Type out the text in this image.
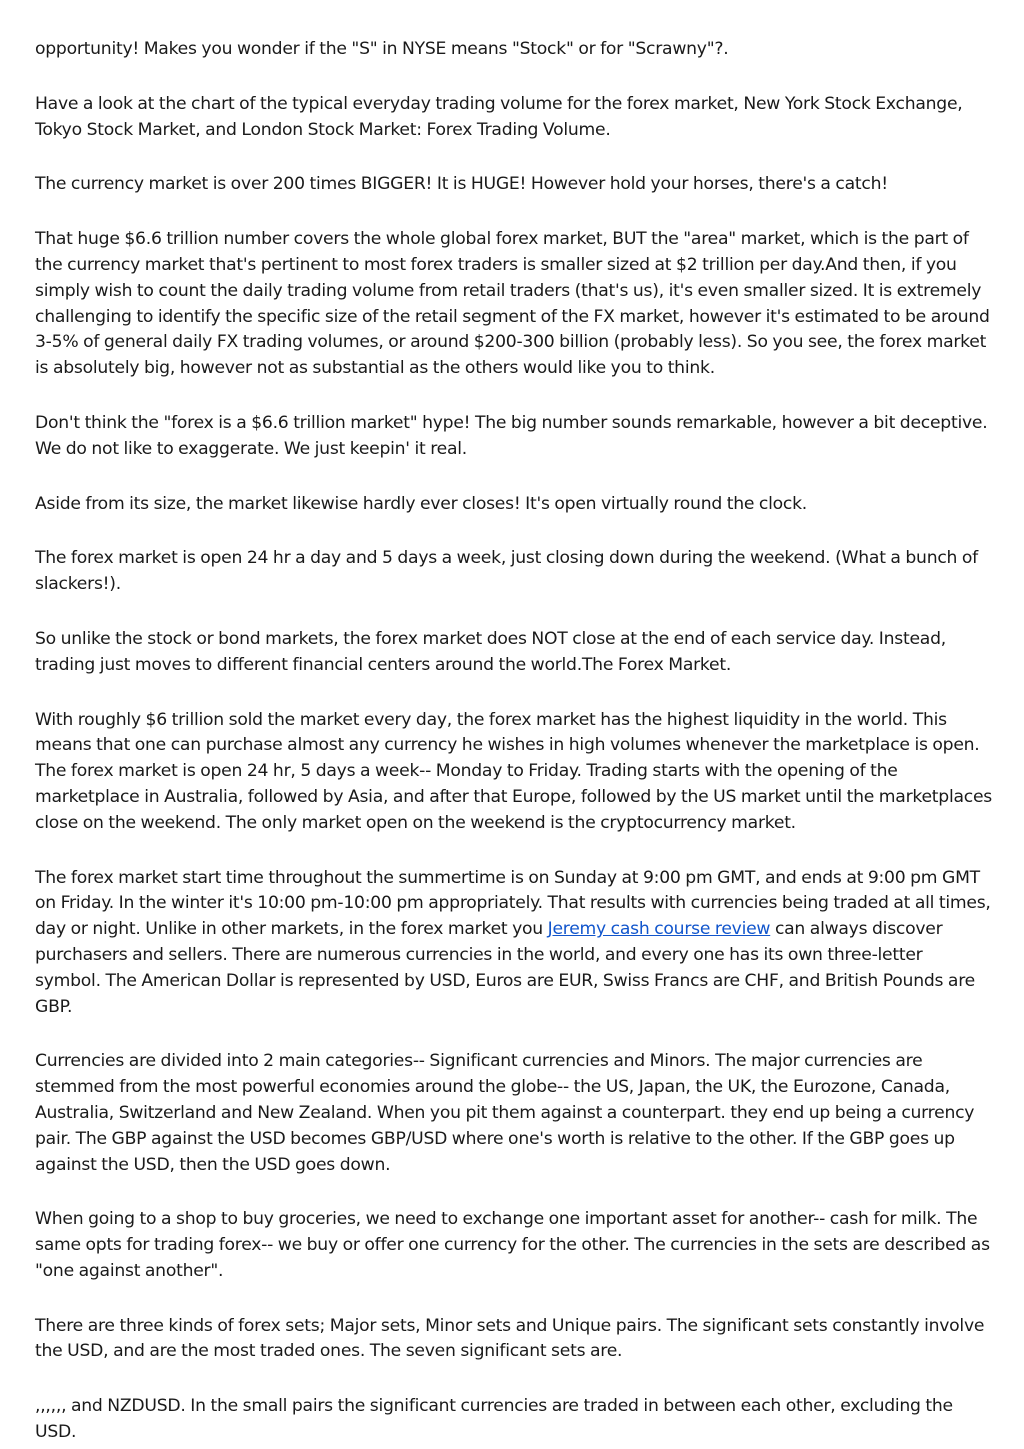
opportunity! Makes you wonder if the "S" in NYSE means "Stock" or for "Scrawny"?.

Have a look at the chart of the typical everyday trading volume for the forex market, New York Stock Exchange, Tokyo Stock Market, and London Stock Market: Forex Trading Volume.

The currency market is over 200 times BIGGER! It is HUGE! However hold your horses, there's a catch!

That huge $6.6 trillion number covers the whole global forex market, BUT the "area" market, which is the part of the currency market that's pertinent to most forex traders is smaller sized at $2 trillion per day.And then, if you simply wish to count the daily trading volume from retail traders (that's us), it's even smaller sized. It is extremely challenging to identify the specific size of the retail segment of the FX market, however it's estimated to be around 3-5% of general daily FX trading volumes, or around $200-300 billion (probably less). So you see, the forex market is absolutely big, however not as substantial as the others would like you to think.

Don't think the "forex is a $6.6 trillion market" hype! The big number sounds remarkable, however a bit deceptive. We do not like to exaggerate. We just keepin' it real.

Aside from its size, the market likewise hardly ever closes! It's open virtually round the clock.

The forex market is open 24 hr a day and 5 days a week, just closing down during the weekend. (What a bunch of slackers!).

So unlike the stock or bond markets, the forex market does NOT close at the end of each service day. Instead, trading just moves to different financial centers around the world.The Forex Market.

With roughly $6 trillion sold the market every day, the forex market has the highest liquidity in the world. This means that one can purchase almost any currency he wishes in high volumes whenever the marketplace is open. The forex market is open 24 hr, 5 days a week-- Monday to Friday. Trading starts with the opening of the marketplace in Australia, followed by Asia, and after that Europe, followed by the US market until the marketplaces close on the weekend. The only market open on the weekend is the cryptocurrency market.

The forex market start time throughout the summertime is on Sunday at 9:00 pm GMT, and ends at 9:00 pm GMT on Friday. In the winter it's 10:00 pm-10:00 pm appropriately. That results with currencies being traded at all times, day or night. Unlike in other markets, in the forex market you Jeremy cash course review can always discover purchasers and sellers. There are numerous currencies in the world, and every one has its own three-letter symbol. The American Dollar is represented by USD, Euros are EUR, Swiss Francs are CHF, and British Pounds are GBP.

Currencies are divided into 2 main categories-- Significant currencies and Minors. The major currencies are stemmed from the most powerful economies around the globe-- the US, Japan, the UK, the Eurozone, Canada, Australia, Switzerland and New Zealand. When you pit them against a counterpart. they end up being a currency pair. The GBP against the USD becomes GBP/USD where one's worth is relative to the other. If the GBP goes up against the USD, then the USD goes down.

When going to a shop to buy groceries, we need to exchange one important asset for another-- cash for milk. The same opts for trading forex-- we buy or offer one currency for the other. The currencies in the sets are described as "one against another".

There are three kinds of forex sets; Major sets, Minor sets and Unique pairs. The significant sets constantly involve the USD, and are the most traded ones. The seven significant sets are.

,,,,,, and NZDUSD. In the small pairs the significant currencies are traded in between each other, excluding the USD.
